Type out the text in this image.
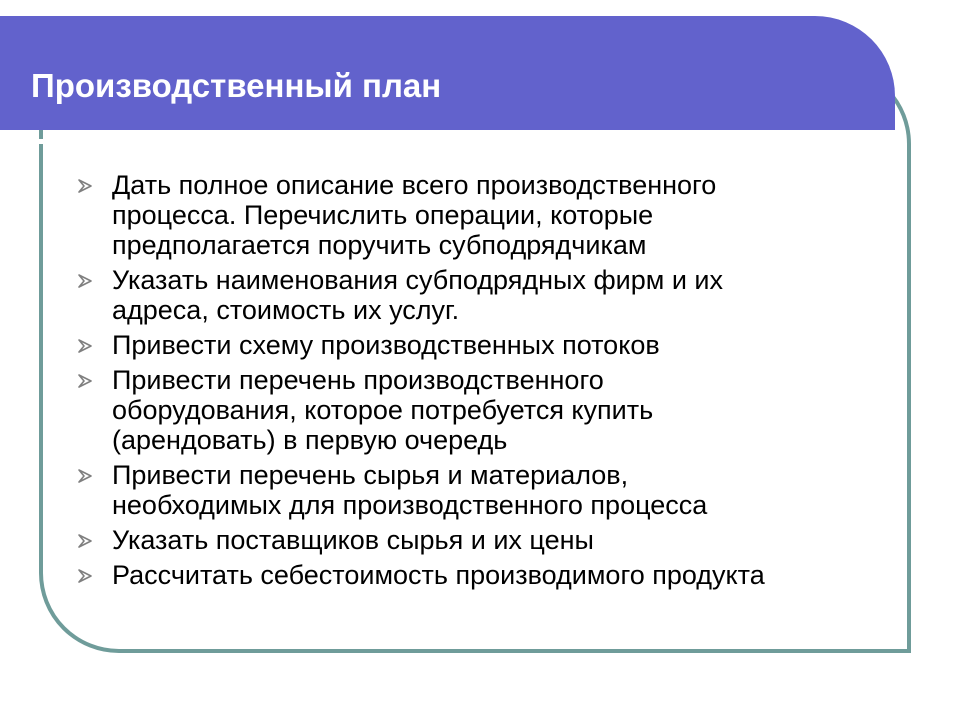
Производственный план
Дать полное описание всего производственного
процесса. Перечислить операции, которые
предполагается поручить субподрядчикам
Указать наименования субподрядных фирм и их
адреса, стоимость их услуг.
Привести схему производственных потоков
Привести перечень производственного
оборудования, которое потребуется купить
(арендовать) в первую очередь
Привести перечень сырья и материалов,
необходимых для производственного процесса
Указать поставщиков сырья и их цены
Рассчитать себестоимость производимого продукта
